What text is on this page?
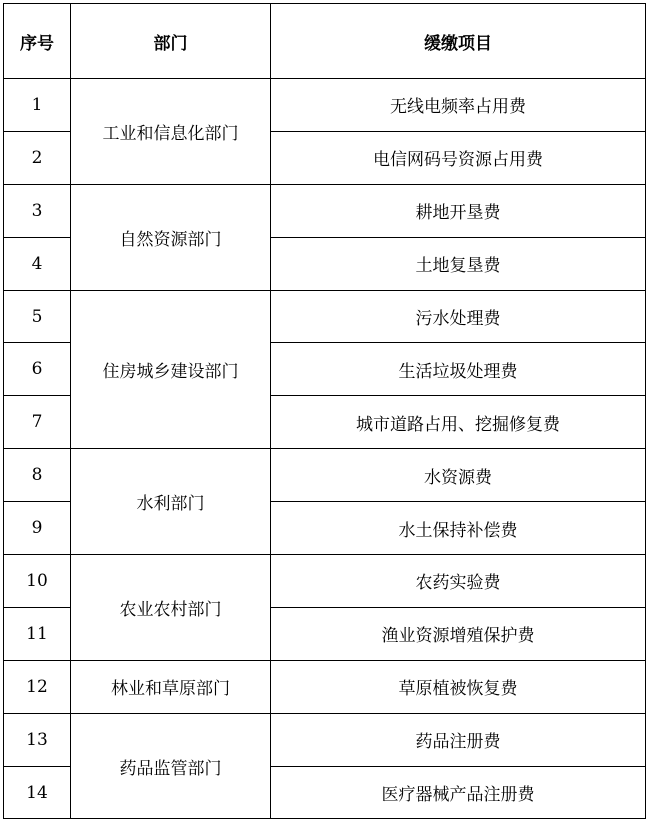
序号	部门	缓缴项目
1	工业和信息化部门	无线电频率占用费
2		电信网码号资源占用费
3	自然资源部门	耕地开垦费
4		土地复垦费
5	住房城乡建设部门	污水处理费
6		生活垃圾处理费
7		城市道路占用、挖掘修复费
8	水利部门	水资源费
9		水土保持补偿费
10	农业农村部门	农药实验费
11		渔业资源增殖保护费
12	林业和草原部门	草原植被恢复费
13	药品监管部门	药品注册费
14		医疗器械产品注册费
